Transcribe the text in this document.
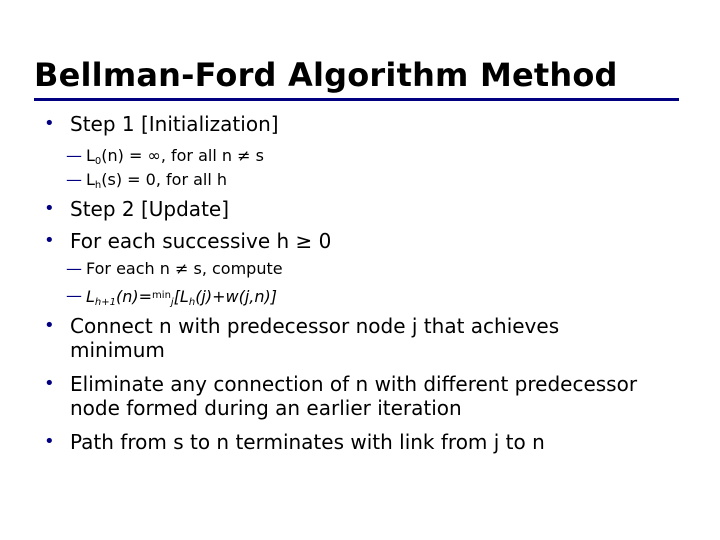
Bellman-Ford Algorithm Method
• Step 1 [Initialization]
— $L_0(n)$ = ∞, for all n ≠ s
— $L_h(s) = 0$, for all h
• Step 2 [Update]
• For each successive h ≥ 0
— For each n ≠ s, compute
— $L_{h+1}(n)=^{min}_j[L_h(j)+w(j,n)]$
• Connect n with predecessor node j that achieves minimum
• Eliminate any connection of n with different predecessor node formed during an earlier iteration
• Path from s to n terminates with link from j to n
